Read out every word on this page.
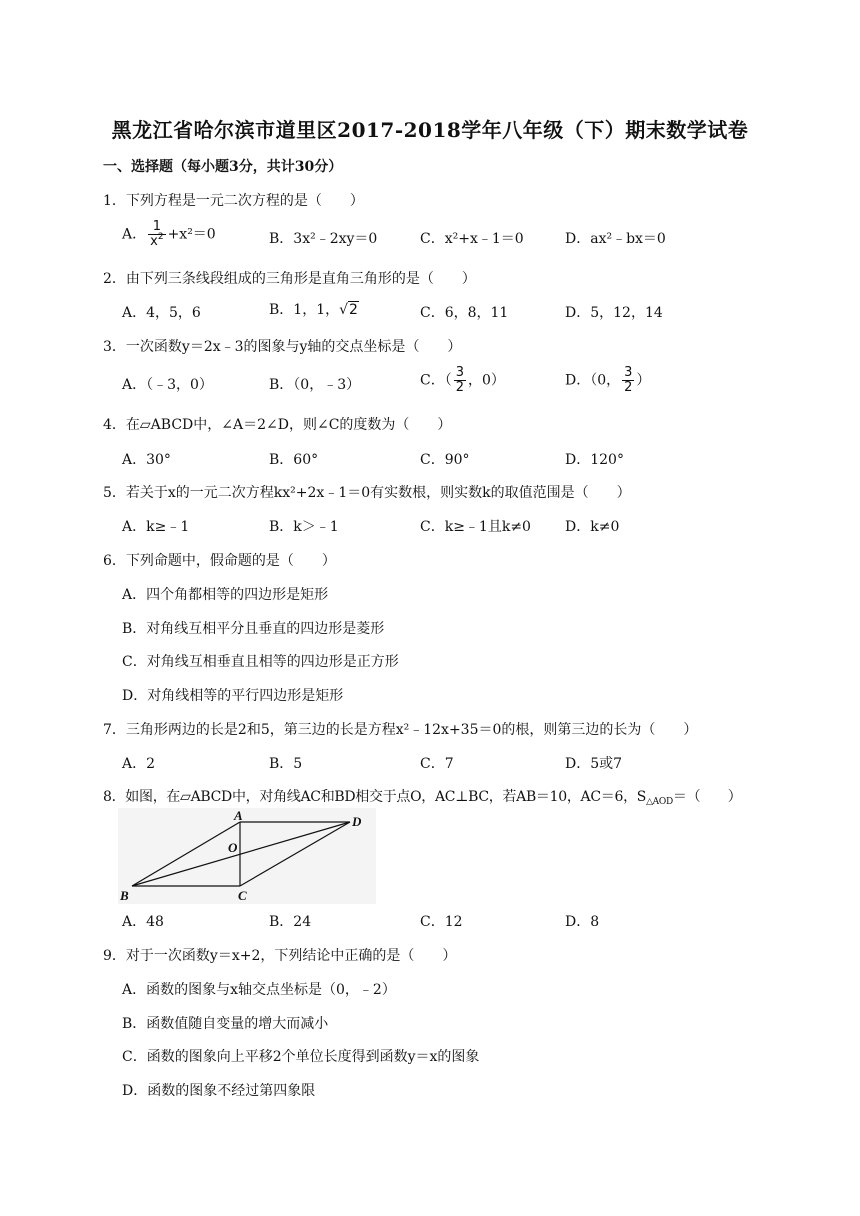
黑龙江省哈尔滨市道里区2017-2018学年八年级（下）期末数学试卷
一、选择题（每小题3分，共计30分）
1．下列方程是一元二次方程的是（　　）
A． $\frac{1}{x^2} +x^2=0$	B．3x²﹣2xy＝0	C．x²+x﹣1＝0	D．ax²﹣bx＝0
2．由下列三条线段组成的三角形是直角三角形的是（　　）
A．4，5，6	B．1，1，√2	C．6，8，11	D．5，12，14
3．一次函数y＝2x﹣3的图象与y轴的交点坐标是（　　）
A．（﹣3，0）	B．（0，﹣3）	C．（ $\frac{3}{2}$ ，0）	D．（0， $\frac{3}{2}$ ）
4．在▱ABCD中，∠A＝2∠D，则∠C的度数为（　　）
A．30°	B．60°	C．90°	D．120°
5．若关于x的一元二次方程kx²+2x﹣1＝0有实数根，则实数k的取值范围是（　　）
A．k≥﹣1	B．k＞﹣1	C．k≥﹣1且k≠0 D．k≠0
6．下列命题中，假命题的是（　　）
A．四个角都相等的四边形是矩形
B．对角线互相平分且垂直的四边形是菱形
C．对角线互相垂直且相等的四边形是正方形
D．对角线相等的平行四边形是矩形
7．三角形两边的长是2和5，第三边的长是方程x²﹣12x+35＝0的根，则第三边的长为（　　）
A．2	B．5	C．7	D．5或7
8．如图，在▱ABCD中，对角线AC和BD相交于点O，AC⊥BC，若AB＝10，AC＝6，$S_{\triangle AOD}=$（　　）
A
B	C
D
O
A．48	B．24	C．12	D．8
9．对于一次函数y＝x+2，下列结论中正确的是（　　）
A．函数的图象与x轴交点坐标是（0，﹣2）
B．函数值随自变量的增大而减小
C．函数的图象向上平移2个单位长度得到函数y＝x的图象
D．函数的图象不经过第四象限
